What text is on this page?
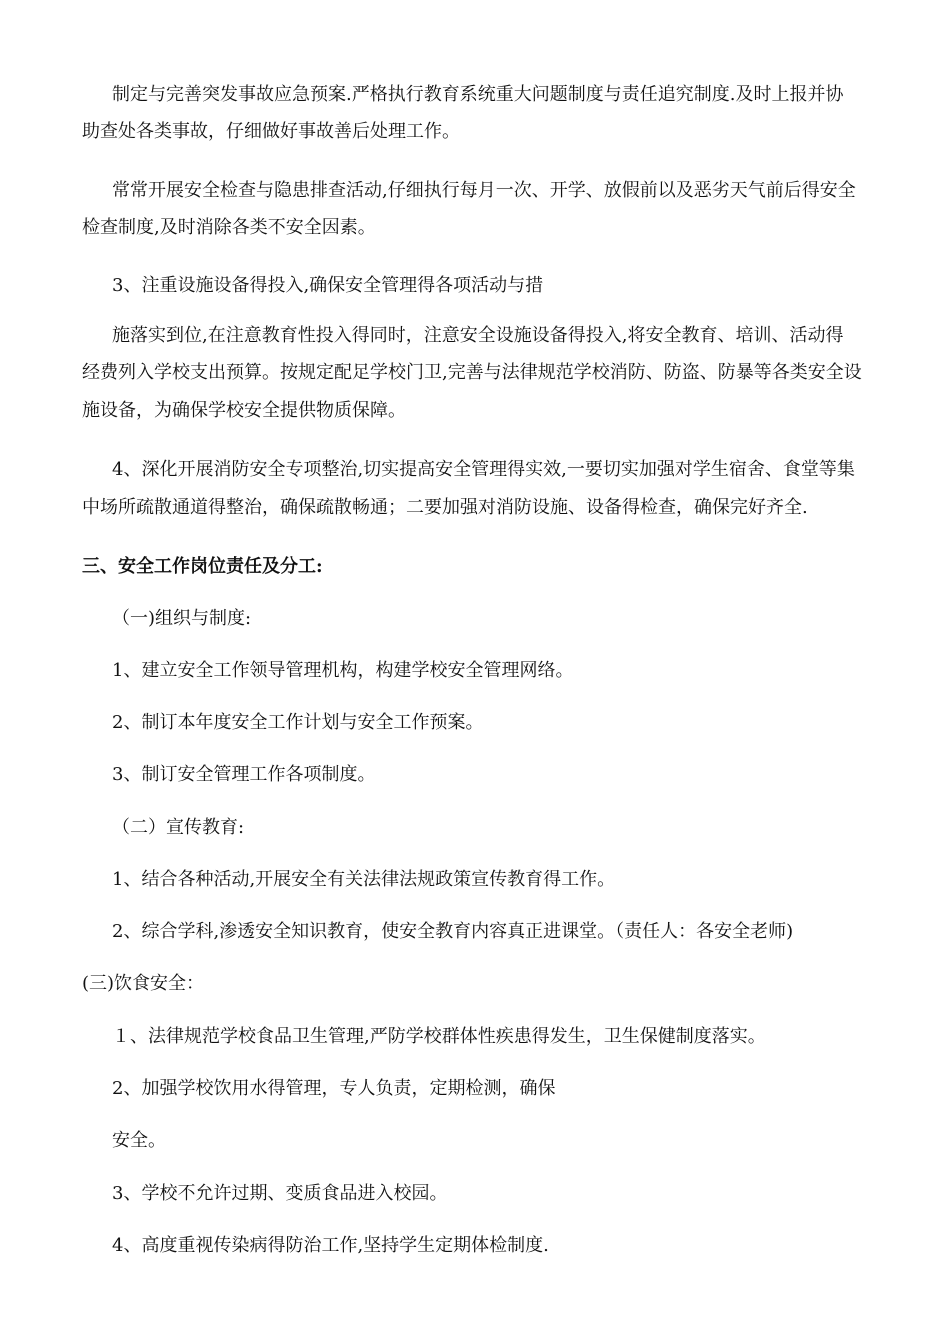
制定与完善突发事故应急预案.严格执行教育系统重大问题制度与责任追究制度.及时上报并协
助查处各类事故，仔细做好事故善后处理工作。
常常开展安全检查与隐患排查活动,仔细执行每月一次、开学、放假前以及恶劣天气前后得安全
检查制度,及时消除各类不安全因素。
3、注重设施设备得投入,确保安全管理得各项活动与措
施落实到位,在注意教育性投入得同时，注意安全设施设备得投入,将安全教育、培训、活动得
经费列入学校支出预算。按规定配足学校门卫,完善与法律规范学校消防、防盗、防暴等各类安全设
施设备，为确保学校安全提供物质保障。
4、深化开展消防安全专项整治,切实提高安全管理得实效,一要切实加强对学生宿舍、食堂等集
中场所疏散通道得整治，确保疏散畅通；二要加强对消防设施、设备得检查，确保完好齐全.
三、安全工作岗位责任及分工:
（一)组织与制度:
1、建立安全工作领导管理机构，构建学校安全管理网络。
2、制订本年度安全工作计划与安全工作预案。
3、制订安全管理工作各项制度。
（二）宣传教育:
1、结合各种活动,开展安全有关法律法规政策宣传教育得工作。
2、综合学科,渗透安全知识教育，使安全教育内容真正进课堂。（责任人：各安全老师)
(三)饮食安全：
１、法律规范学校食品卫生管理,严防学校群体性疾患得发生，卫生保健制度落实。
2、加强学校饮用水得管理，专人负责，定期检测，确保
安全。
3、学校不允许过期、变质食品进入校园。
4、高度重视传染病得防治工作,坚持学生定期体检制度.
